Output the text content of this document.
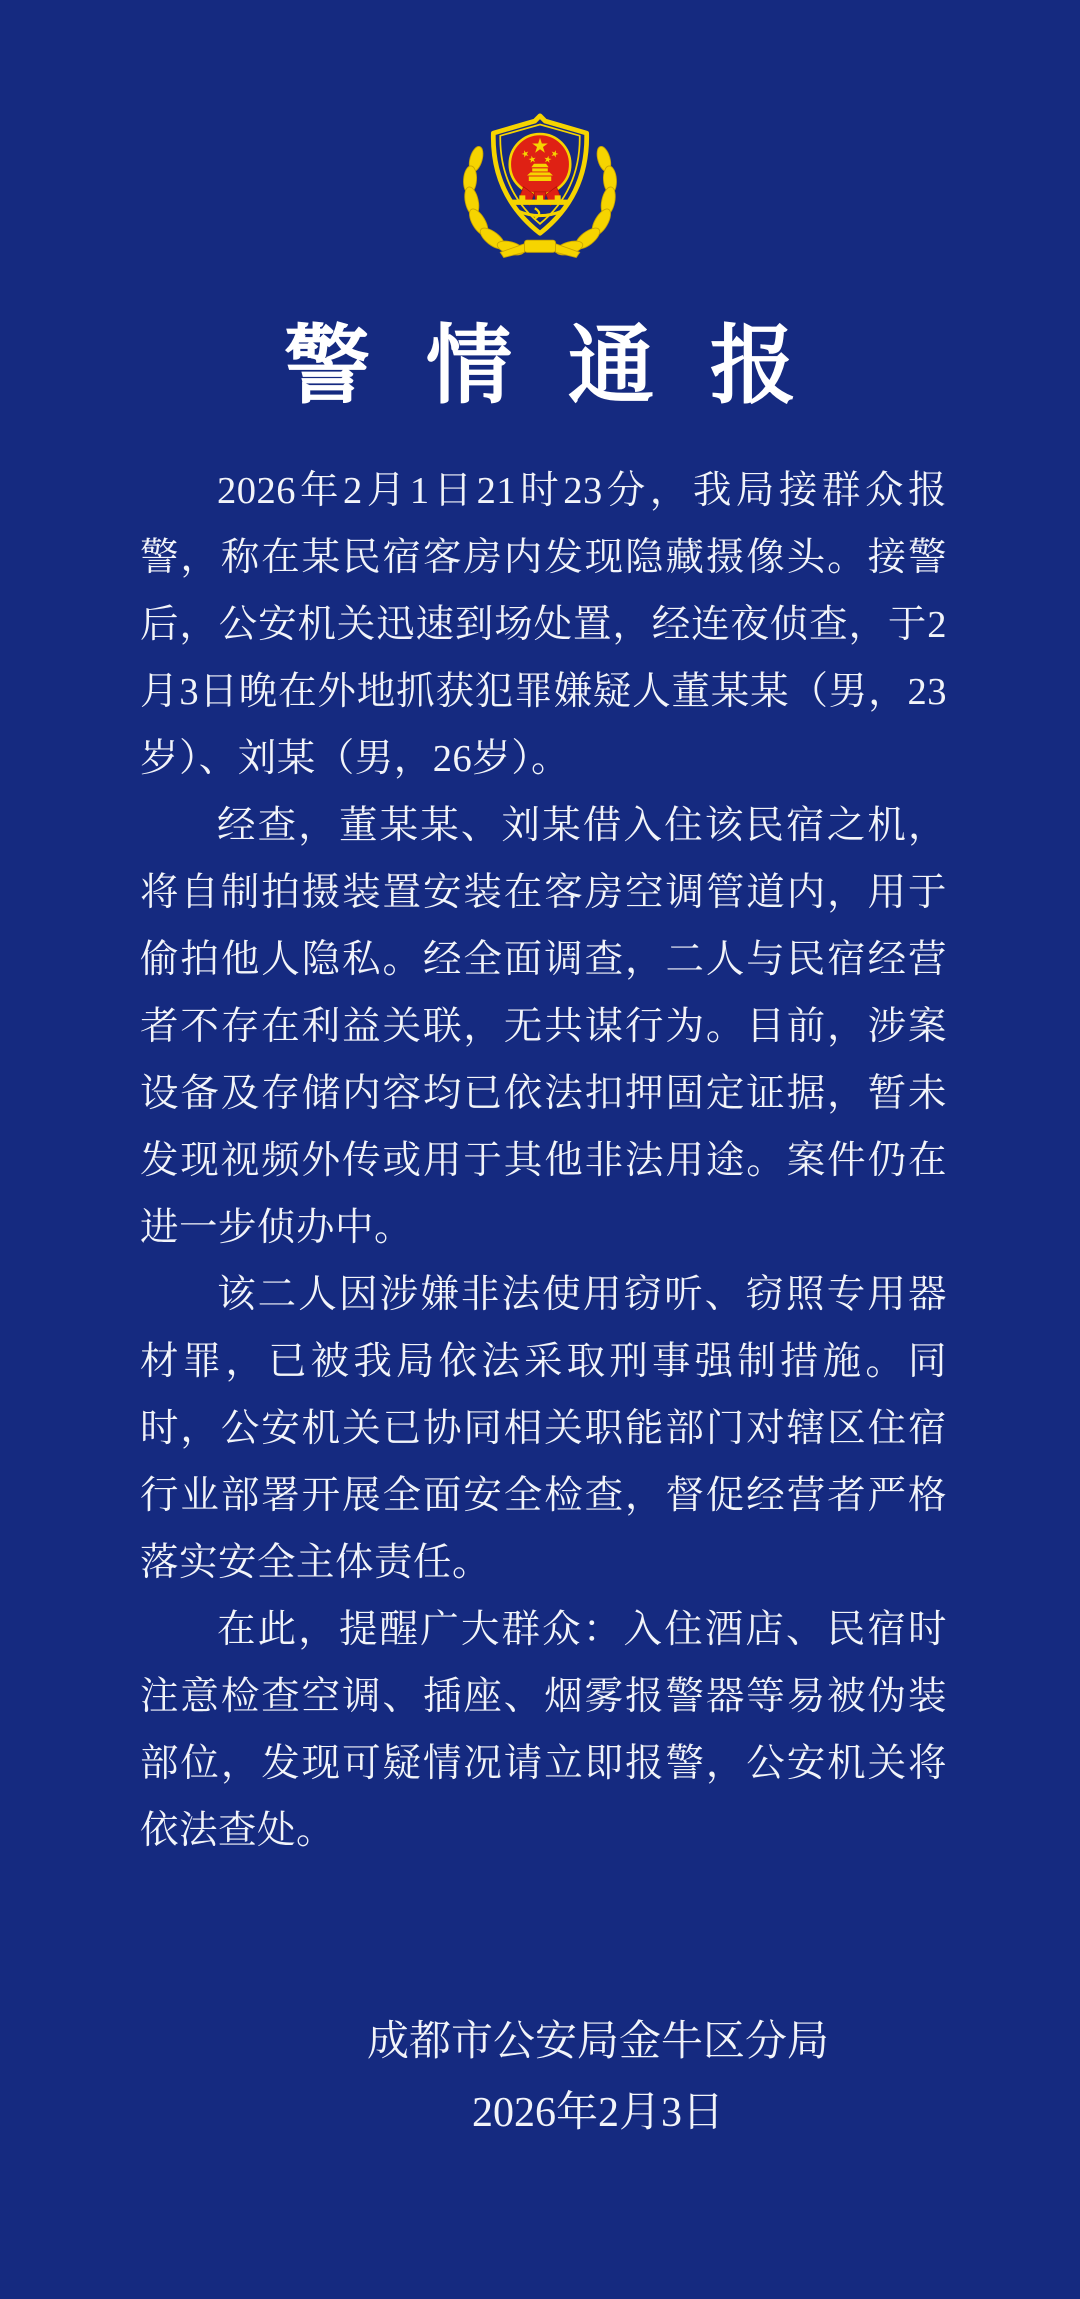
警情通报

2026年2月1日21时23分，我局接群众报警，称在某民宿客房内发现隐藏摄像头。接警后，公安机关迅速到场处置，经连夜侦查，于2月3日晚在外地抓获犯罪嫌疑人董某某（男，23岁）、刘某（男，26岁）。

经查，董某某、刘某借入住该民宿之机，将自制拍摄装置安装在客房空调管道内，用于偷拍他人隐私。经全面调查，二人与民宿经营者不存在利益关联，无共谋行为。目前，涉案设备及存储内容均已依法扣押固定证据，暂未发现视频外传或用于其他非法用途。案件仍在进一步侦办中。

该二人因涉嫌非法使用窃听、窃照专用器材罪，已被我局依法采取刑事强制措施。同时，公安机关已协同相关职能部门对辖区住宿行业部署开展全面安全检查，督促经营者严格落实安全主体责任。

在此，提醒广大群众：入住酒店、民宿时注意检查空调、插座、烟雾报警器等易被伪装部位，发现可疑情况请立即报警，公安机关将依法查处。

成都市公安局金牛区分局
2026年2月3日
